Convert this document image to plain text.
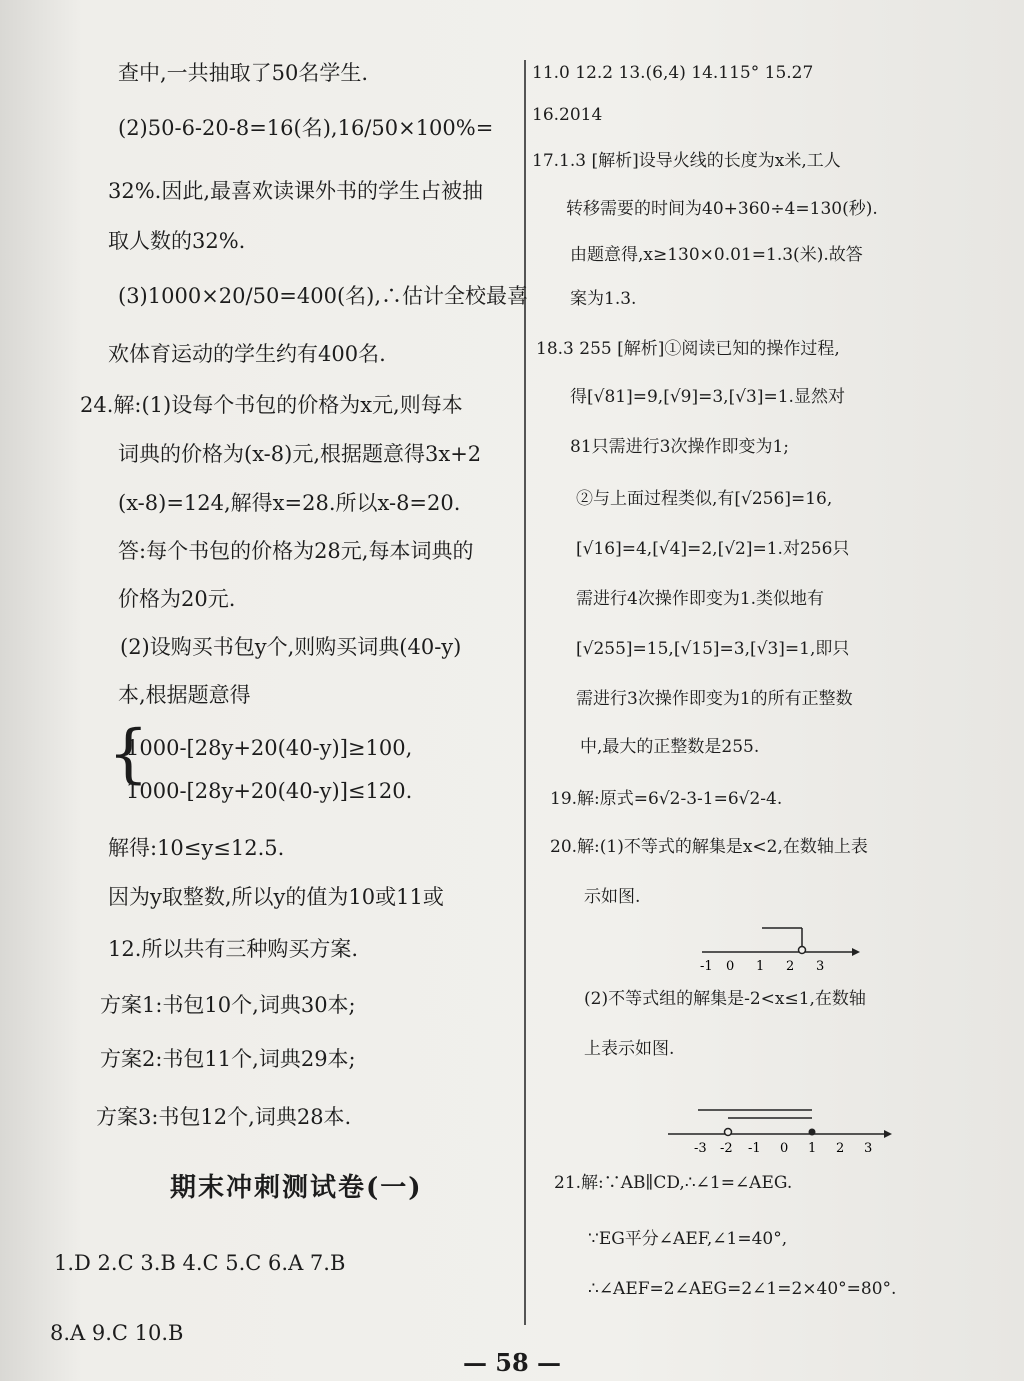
查中,一共抽取了50名学生.
(2)50-6-20-8=16(名),16/50×100%=
32%.因此,最喜欢读课外书的学生占被抽
取人数的32%.
(3)1000×20/50=400(名),∴估计全校最喜
欢体育运动的学生约有400名.
24.解:(1)设每个书包的价格为x元,则每本
词典的价格为(x-8)元,根据题意得3x+2
(x-8)=124,解得x=28.所以x-8=20.
答:每个书包的价格为28元,每本词典的
价格为20元.
(2)设购买书包y个,则购买词典(40-y)
本,根据题意得
{
1000-[28y+20(40-y)]≥100,
1000-[28y+20(40-y)]≤120.
解得:10≤y≤12.5.
因为y取整数,所以y的值为10或11或
12.所以共有三种购买方案.
方案1:书包10个,词典30本;
方案2:书包11个,词典29本;
方案3:书包12个,词典28本.
期末冲刺测试卷(一)
1.D 2.C 3.B 4.C 5.C 6.A 7.B
8.A 9.C 10.B
11.0 12.2 13.(6,4) 14.115° 15.27
16.2014
17.1.3 [解析]设导火线的长度为x米,工人
转移需要的时间为40+360÷4=130(秒).
由题意得,x≥130×0.01=1.3(米).故答
案为1.3.
18.3 255 [解析]①阅读已知的操作过程,
得[√81]=9,[√9]=3,[√3]=1.显然对
81只需进行3次操作即变为1;
②与上面过程类似,有[√256]=16,
[√16]=4,[√4]=2,[√2]=1.对256只
需进行4次操作即变为1.类似地有
[√255]=15,[√15]=3,[√3]=1,即只
需进行3次操作即变为1的所有正整数
中,最大的正整数是255.
19.解:原式=6√2-3-1=6√2-4.
20.解:(1)不等式的解集是x<2,在数轴上表
示如图.
-1 0 1 2 3
(2)不等式组的解集是-2<x≤1,在数轴
上表示如图.
-3 -2 -1 0 1 2 3
21.解:∵AB∥CD,∴∠1=∠AEG.
∵EG平分∠AEF,∠1=40°,
∴∠AEF=2∠AEG=2∠1=2×40°=80°.
— 58 —
